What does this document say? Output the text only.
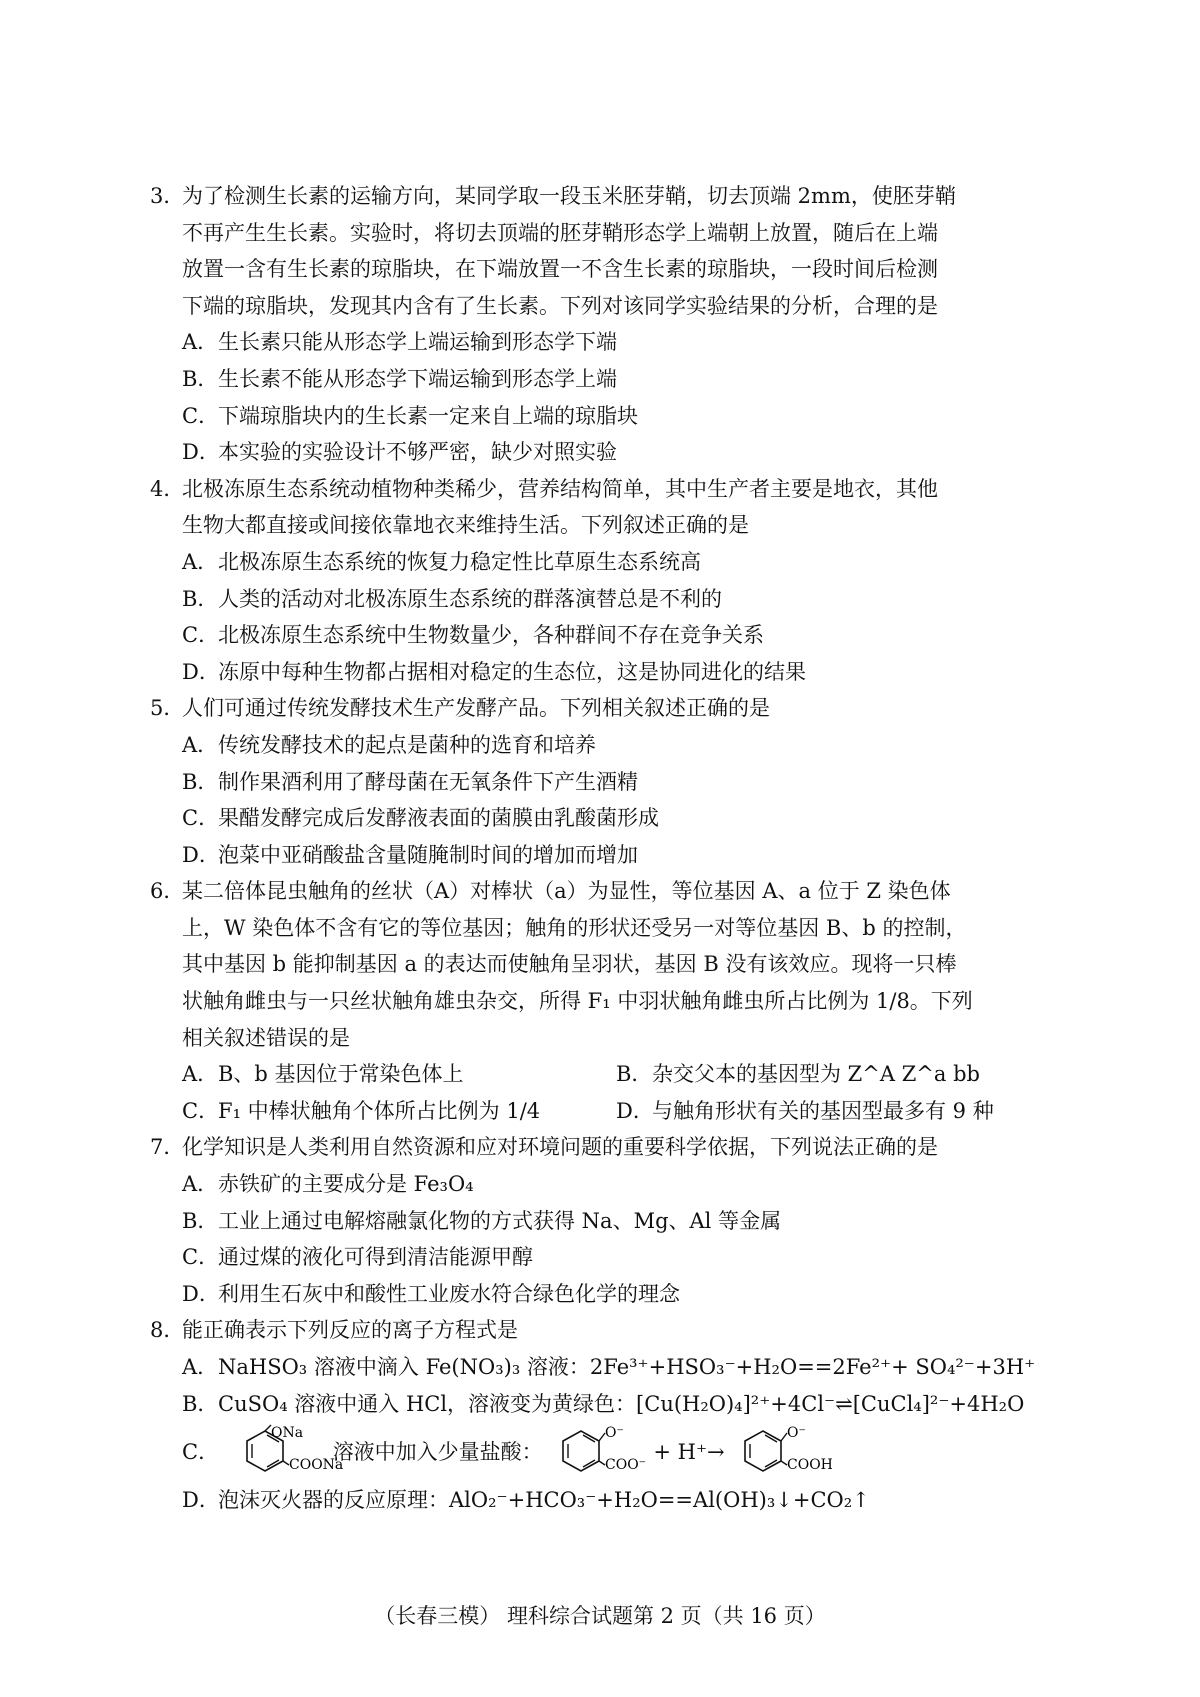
3．为了检测生长素的运输方向，某同学取一段玉米胚芽鞘，切去顶端 2mm，使胚芽鞘
不再产生生长素。实验时，将切去顶端的胚芽鞘形态学上端朝上放置，随后在上端
放置一含有生长素的琼脂块，在下端放置一不含生长素的琼脂块，一段时间后检测
下端的琼脂块，发现其内含有了生长素。下列对该同学实验结果的分析，合理的是
A．生长素只能从形态学上端运输到形态学下端
B．生长素不能从形态学下端运输到形态学上端
C．下端琼脂块内的生长素一定来自上端的琼脂块
D．本实验的实验设计不够严密，缺少对照实验
4．北极冻原生态系统动植物种类稀少，营养结构简单，其中生产者主要是地衣，其他
生物大都直接或间接依靠地衣来维持生活。下列叙述正确的是
A．北极冻原生态系统的恢复力稳定性比草原生态系统高
B．人类的活动对北极冻原生态系统的群落演替总是不利的
C．北极冻原生态系统中生物数量少，各种群间不存在竞争关系
D．冻原中每种生物都占据相对稳定的生态位，这是协同进化的结果
5．人们可通过传统发酵技术生产发酵产品。下列相关叙述正确的是
A．传统发酵技术的起点是菌种的选育和培养
B．制作果酒利用了酵母菌在无氧条件下产生酒精
C．果醋发酵完成后发酵液表面的菌膜由乳酸菌形成
D．泡菜中亚硝酸盐含量随腌制时间的增加而增加
6．某二倍体昆虫触角的丝状（A）对棒状（a）为显性，等位基因 A、a 位于 Z 染色体
上，W 染色体不含有它的等位基因；触角的形状还受另一对等位基因 B、b 的控制，
其中基因 b 能抑制基因 a 的表达而使触角呈羽状，基因 B 没有该效应。现将一只棒
状触角雌虫与一只丝状触角雄虫杂交，所得 F₁ 中羽状触角雌虫所占比例为 1/8。下列
相关叙述错误的是
A．B、b 基因位于常染色体上	B．杂交父本的基因型为 Z^A Z^a bb
C．F₁ 中棒状触角个体所占比例为 1/4	D．与触角形状有关的基因型最多有 9 种
7．化学知识是人类利用自然资源和应对环境问题的重要科学依据，下列说法正确的是
A．赤铁矿的主要成分是 Fe₃O₄
B．工业上通过电解熔融氯化物的方式获得 Na、Mg、Al 等金属
C．通过煤的液化可得到清洁能源甲醇
D．利用生石灰中和酸性工业废水符合绿色化学的理念
8．能正确表示下列反应的离子方程式是
A．NaHSO₃ 溶液中滴入 Fe(NO₃)₃ 溶液：2Fe³⁺+HSO₃⁻+H₂O==2Fe²⁺+ SO₄²⁻+3H⁺
B．CuSO₄ 溶液中通入 HCl，溶液变为黄绿色：[Cu(H₂O)₄]²⁺+4Cl⁻⇌[CuCl₄]²⁻+4H₂O
C．
ONa
COONa
溶液中加入少量盐酸：
O⁻
COO⁻
+ H⁺→
O⁻
COOH
D．泡沫灭火器的反应原理：AlO₂⁻+HCO₃⁻+H₂O==Al(OH)₃↓+CO₂↑
（长春三模） 理科综合试题第 2 页（共 16 页）
